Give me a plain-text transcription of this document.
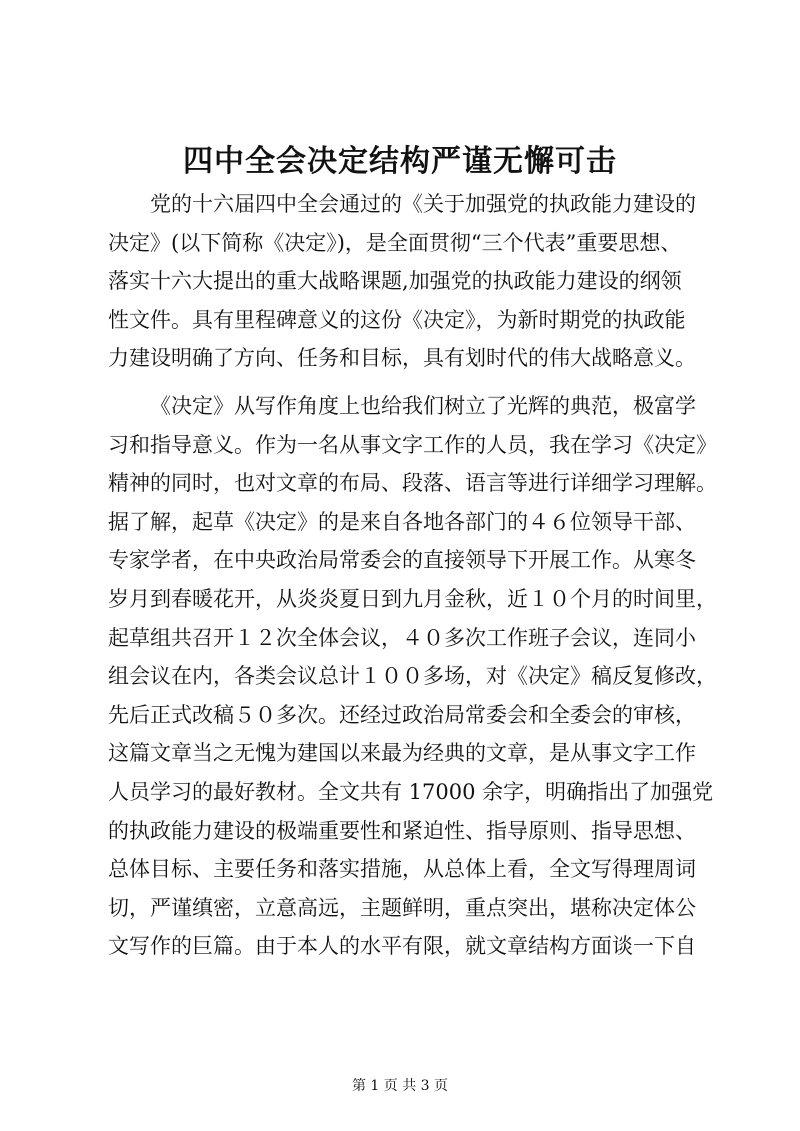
四中全会决定结构严谨无懈可击
党的十六届四中全会通过的《关于加强党的执政能力建设的
决定》(以下简称《决定》)，是全面贯彻“三个代表”重要思想、
落实十六大提出的重大战略课题,加强党的执政能力建设的纲领
性文件。具有里程碑意义的这份《决定》，为新时期党的执政能
力建设明确了方向、任务和目标，具有划时代的伟大战略意义。
《决定》从写作角度上也给我们树立了光辉的典范，极富学
习和指导意义。作为一名从事文字工作的人员，我在学习《决定》
精神的同时，也对文章的布局、段落、语言等进行详细学习理解。
据了解，起草《决定》的是来自各地各部门的４６位领导干部、
专家学者，在中央政治局常委会的直接领导下开展工作。从寒冬
岁月到春暖花开，从炎炎夏日到九月金秋，近１０个月的时间里，
起草组共召开１２次全体会议，４０多次工作班子会议，连同小
组会议在内，各类会议总计１００多场，对《决定》稿反复修改，
先后正式改稿５０多次。还经过政治局常委会和全委会的审核，
这篇文章当之无愧为建国以来最为经典的文章，是从事文字工作
人员学习的最好教材。全文共有 17000 余字，明确指出了加强党
的执政能力建设的极端重要性和紧迫性、指导原则、指导思想、
总体目标、主要任务和落实措施，从总体上看，全文写得理周词
切，严谨缜密，立意高远，主题鲜明，重点突出，堪称决定体公
文写作的巨篇。由于本人的水平有限，就文章结构方面谈一下自
第 1 页 共 3 页
